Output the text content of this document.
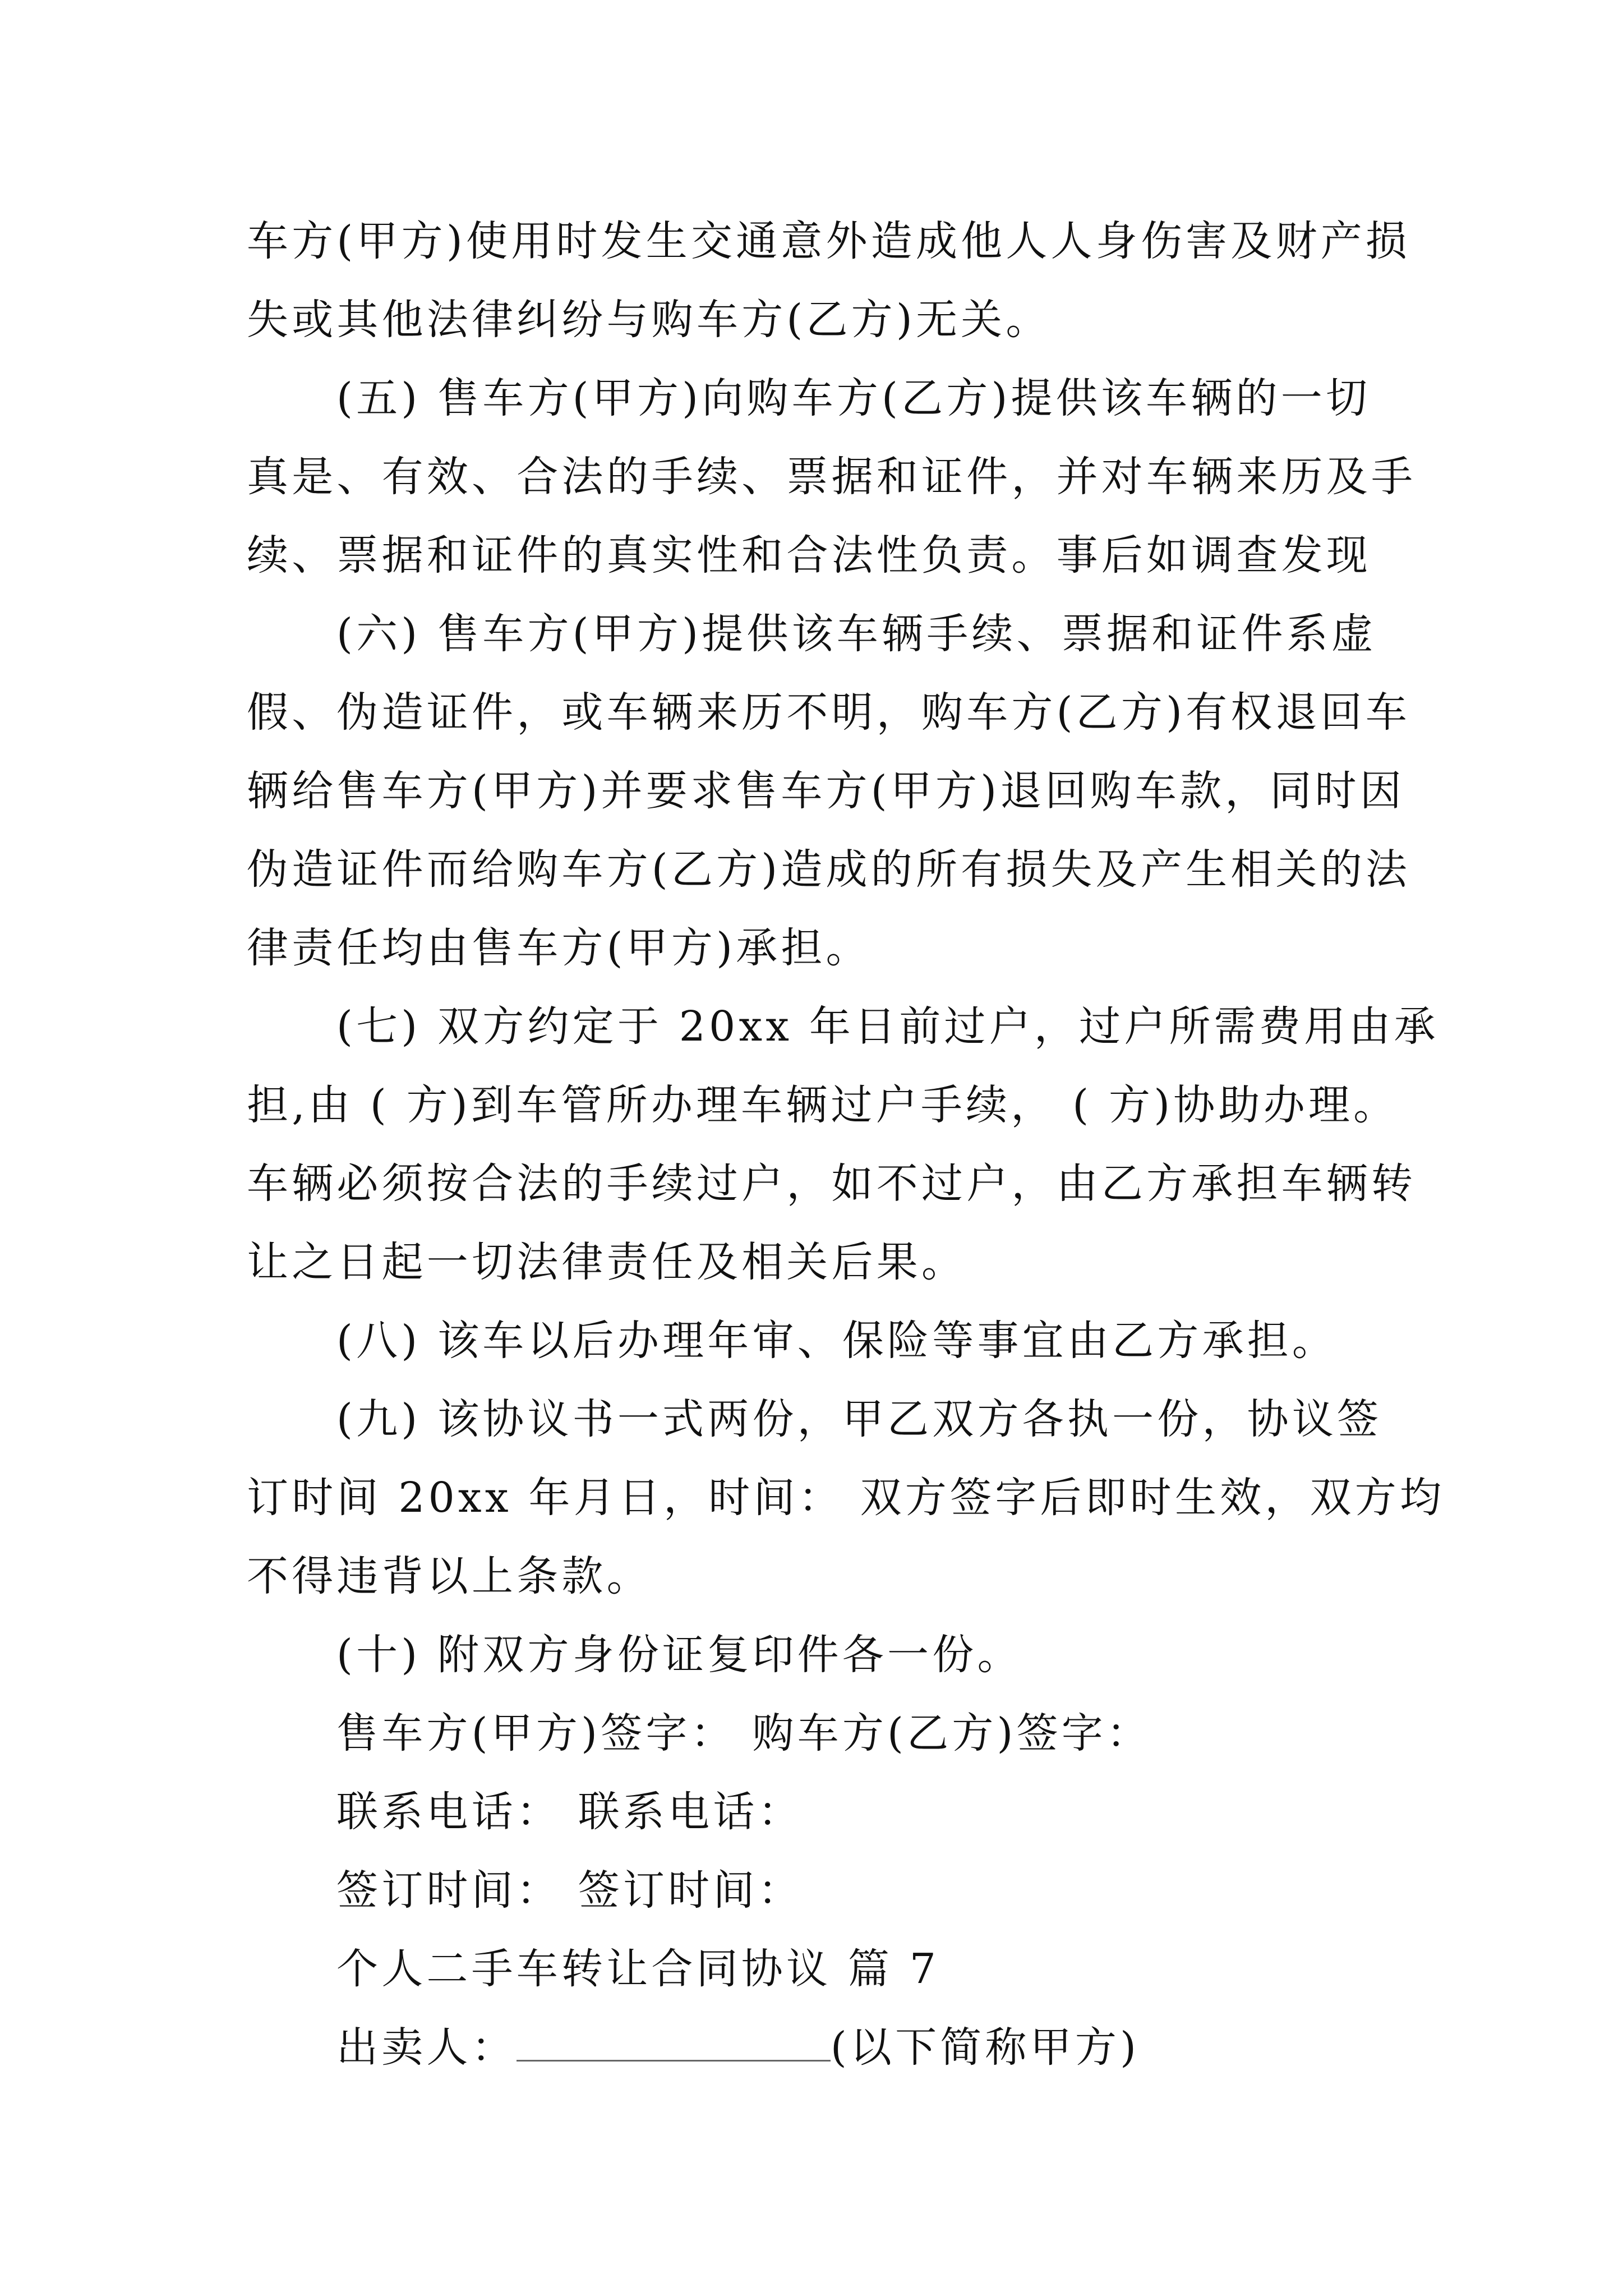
车方(甲方)使用时发生交通意外造成他人人身伤害及财产损
失或其他法律纠纷与购车方(乙方)无关。
(五) 售车方(甲方)向购车方(乙方)提供该车辆的一切
真是、有效、合法的手续、票据和证件，并对车辆来历及手
续、票据和证件的真实性和合法性负责。事后如调查发现
(六) 售车方(甲方)提供该车辆手续、票据和证件系虚
假、伪造证件，或车辆来历不明，购车方(乙方)有权退回车
辆给售车方(甲方)并要求售车方(甲方)退回购车款，同时因
伪造证件而给购车方(乙方)造成的所有损失及产生相关的法
律责任均由售车方(甲方)承担。
(七) 双方约定于 20xx 年日前过户，过户所需费用由承
担,由 ( 方)到车管所办理车辆过户手续， ( 方)协助办理。
车辆必须按合法的手续过户，如不过户，由乙方承担车辆转
让之日起一切法律责任及相关后果。
(八) 该车以后办理年审、保险等事宜由乙方承担。
(九) 该协议书一式两份，甲乙双方各执一份，协议签
订时间 20xx 年月日，时间： 双方签字后即时生效，双方均
不得违背以上条款。
(十) 附双方身份证复印件各一份。
售车方(甲方)签字： 购车方(乙方)签字：
联系电话： 联系电话：
签订时间： 签订时间：
个人二手车转让合同协议 篇 7
出卖人：	(以下简称甲方)
